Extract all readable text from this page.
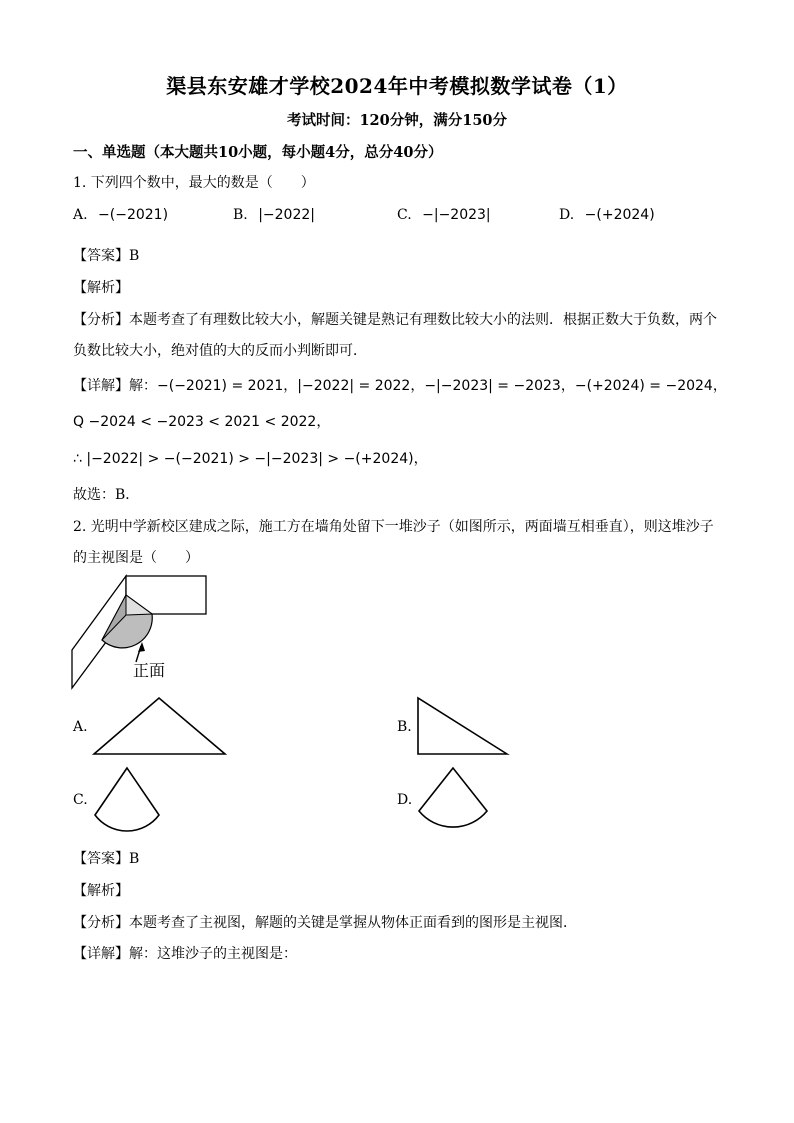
渠县东安雄才学校2024年中考模拟数学试卷（1）
考试时间：120分钟，满分150分
一、单选题（本大题共10小题，每小题4分，总分40分）
1. 下列四个数中，最大的数是（　　）
A. −(−2021)	B. |−2022|	C. −|−2023|	D. −(+2024)
【答案】B
【解析】
【分析】本题考查了有理数比较大小，解题关键是熟记有理数比较大小的法则．根据正数大于负数，两个
负数比较大小，绝对值的大的反而小判断即可．
【详解】解：−(−2021) = 2021，|−2022| = 2022，−|−2023| = −2023，−(+2024) = −2024，
Q −2024 < −2023 < 2021 < 2022，
∴ |−2022| > −(−2021) > −|−2023| > −(+2024)，
故选：B．
2. 光明中学新校区建成之际，施工方在墙角处留下一堆沙子（如图所示，两面墙互相垂直），则这堆沙子
的主视图是（　　）
正面
A.	B.
C.	D.
【答案】B
【解析】
【分析】本题考查了主视图，解题的关键是掌握从物体正面看到的图形是主视图．
【详解】解：这堆沙子的主视图是：
